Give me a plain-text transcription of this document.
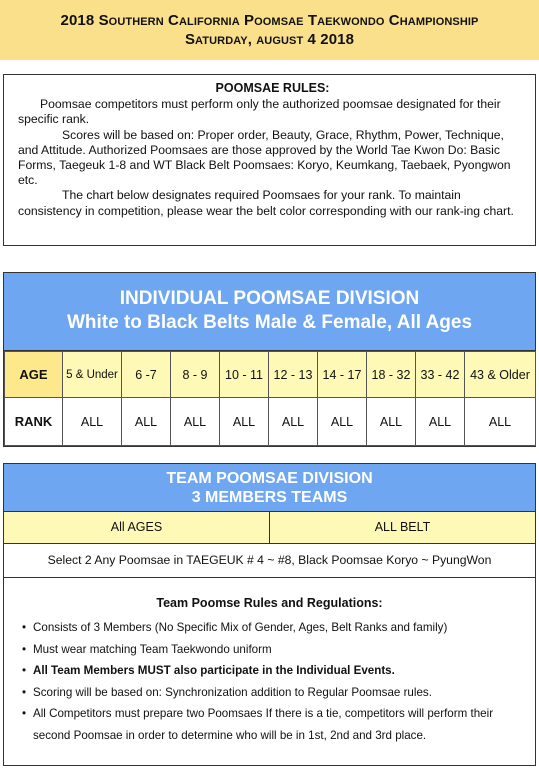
2018 Southern California Poomsae Taekwondo Championship
Saturday, august 4 2018
POOMSAE RULES:

Poomsae competitors must perform only the authorized poomsae designated for their specific rank.

Scores will be based on: Proper order, Beauty, Grace, Rhythm, Power, Technique, and Attitude. Authorized Poomsaes are those approved by the World Tae Kwon Do: Basic Forms, Taegeuk 1-8 and WT Black Belt Poomsaes: Koryo, Keumkang, Taebaek, Pyongwon etc.

The chart below designates required Poomsaes for your rank. To maintain consistency in competition, please wear the belt color corresponding with our rank-ing chart.

INDIVIDUAL POOMSAE DIVISION
White to Black Belts Male & Female, All Ages
AGE	5 & Under	6 -7	8 - 9	10 - 11	12 - 13	14 - 17	18 - 32	33 - 42	43 & Older
RANK	ALL	ALL	ALL	ALL	ALL	ALL	ALL	ALL	ALL
TEAM POOMSAE DIVISION
3 MEMBERS TEAMS
All AGES	ALL BELT
Select 2 Any Poomsae in TAEGEUK # 4 ~ #8, Black Poomsae Koryo ~ PyungWon
Team Poomse Rules and Regulations:
• Consists of 3 Members (No Specific Mix of Gender, Ages, Belt Ranks and family)
• Must wear matching Team Taekwondo uniform
• All Team Members MUST also participate in the Individual Events.
• Scoring will be based on: Synchronization addition to Regular Poomsae rules.
• All Competitors must prepare two Poomsaes If there is a tie, competitors will perform their second Poomsae in order to determine who will be in 1st, 2nd and 3rd place.
